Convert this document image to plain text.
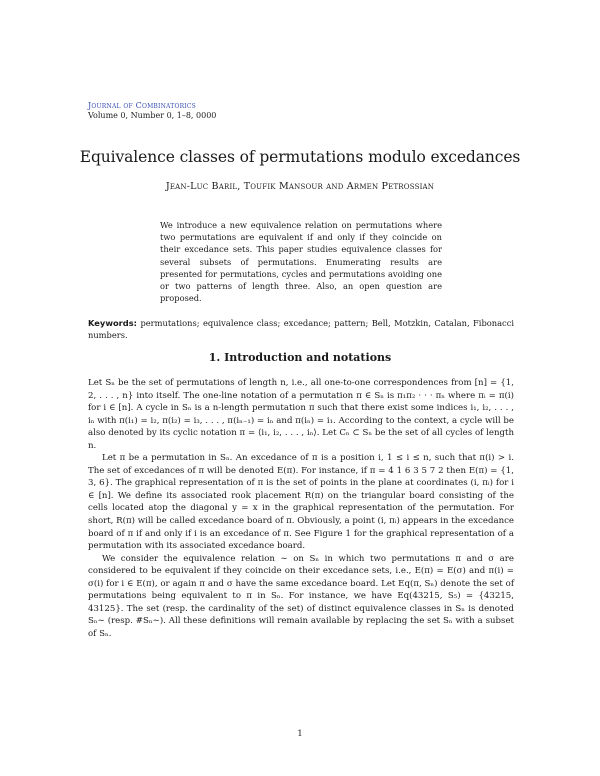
Journal of Combinatorics
Volume 0, Number 0, 1–8, 0000
Equivalence classes of permutations modulo excedances
Jean-Luc Baril, Toufik Mansour and Armen Petrossian
We introduce a new equivalence relation on permutations where two permutations are equivalent if and only if they coincide on their excedance sets. This paper studies equivalence classes for several subsets of permutations. Enumerating results are presented for permutations, cycles and permutations avoiding one or two patterns of length three. Also, an open question are proposed.
Keywords: permutations; equivalence class; excedance; pattern; Bell, Motzkin, Catalan, Fibonacci numbers.
1. Introduction and notations

Let Sₙ be the set of permutations of length n, i.e., all one-to-one correspondences from [n] = {1, 2, . . . , n} into itself. The one-line notation of a permutation π ∈ Sₙ is π₁π₂ · · · πₙ where πᵢ = π(i) for i ∈ [n]. A cycle in Sₙ is a n-length permutation π such that there exist some indices i₁, i₂, . . . , iₙ with π(i₁) = i₂, π(i₂) = i₃, . . . , π(iₙ₋₁) = iₙ and π(iₙ) = i₁. According to the context, a cycle will be also denoted by its cyclic notation π = ⟨i₁, i₂, . . . , iₙ⟩. Let Cₙ ⊂ Sₙ be the set of all cycles of length n.

Let π be a permutation in Sₙ. An excedance of π is a position i, 1 ≤ i ≤ n, such that π(i) > i. The set of excedances of π will be denoted E(π). For instance, if π = 4 1 6 3 5 7 2 then E(π) = {1, 3, 6}. The graphical representation of π is the set of points in the plane at coordinates (i, πᵢ) for i ∈ [n]. We define its associated rook placement R(π) on the triangular board consisting of the cells located atop the diagonal y = x in the graphical representation of the permutation. For short, R(π) will be called excedance board of π. Obviously, a point (i, πᵢ) appears in the excedance board of π if and only if i is an excedance of π. See Figure 1 for the graphical representation of a permutation with its associated excedance board.

We consider the equivalence relation ∼ on Sₙ in which two permutations π and σ are considered to be equivalent if they coincide on their excedance sets, i.e., E(π) = E(σ) and π(i) = σ(i) for i ∈ E(π), or again π and σ have the same excedance board. Let Eq(π, Sₙ) denote the set of permutations being equivalent to π in Sₙ. For instance, we have Eq(43215, S₅) = {43215, 43125}. The set (resp. the cardinality of the set) of distinct equivalence classes in Sₙ is denoted Sₙ∼ (resp. #Sₙ∼). All these definitions will remain available by replacing the set Sₙ with a subset of Sₙ.

1
